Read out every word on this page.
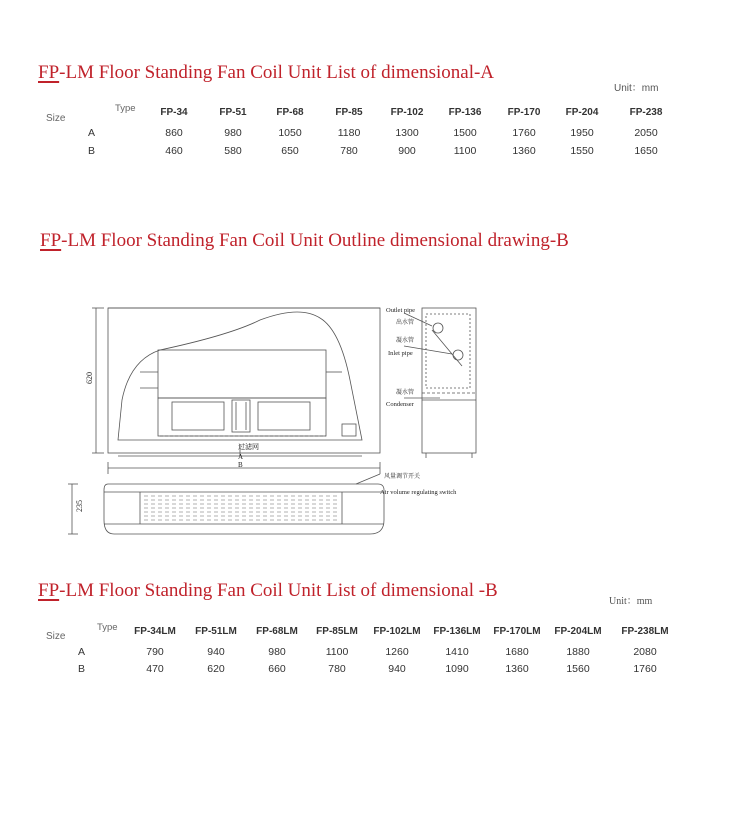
FP-LM Floor Standing Fan Coil Unit List of dimensional-A
Unit：mm
Size
Type FP-34	FP-51	FP-68	FP-85	FP-102	FP-136	FP-170	FP-204	FP-238
A	860	980	1050	1180	1300	1500	1760	1950	2050
B	460	580	650	780	900	1100	1360	1550	1650
FP-LM Floor Standing Fan Coil Unit Outline dimensional drawing-B
620
235
过滤网
A
B
Outlet pipe
出水管
凝水管
Inlet pipe
凝水管
Condenser
风量调节开关
Air volume regulating switch
FP-LM Floor Standing Fan Coil Unit List of dimensional -B
Unit：mm
Size
Type FP-34LM FP-51LM FP-68LM FP-85LM FP-102LM FP-136LM FP-170LM FP-204LM FP-238LM
A	790	940	980	1100	1260	1410	1680	1880	2080
B	470	620	660	780	940	1090	1360	1560	1760
